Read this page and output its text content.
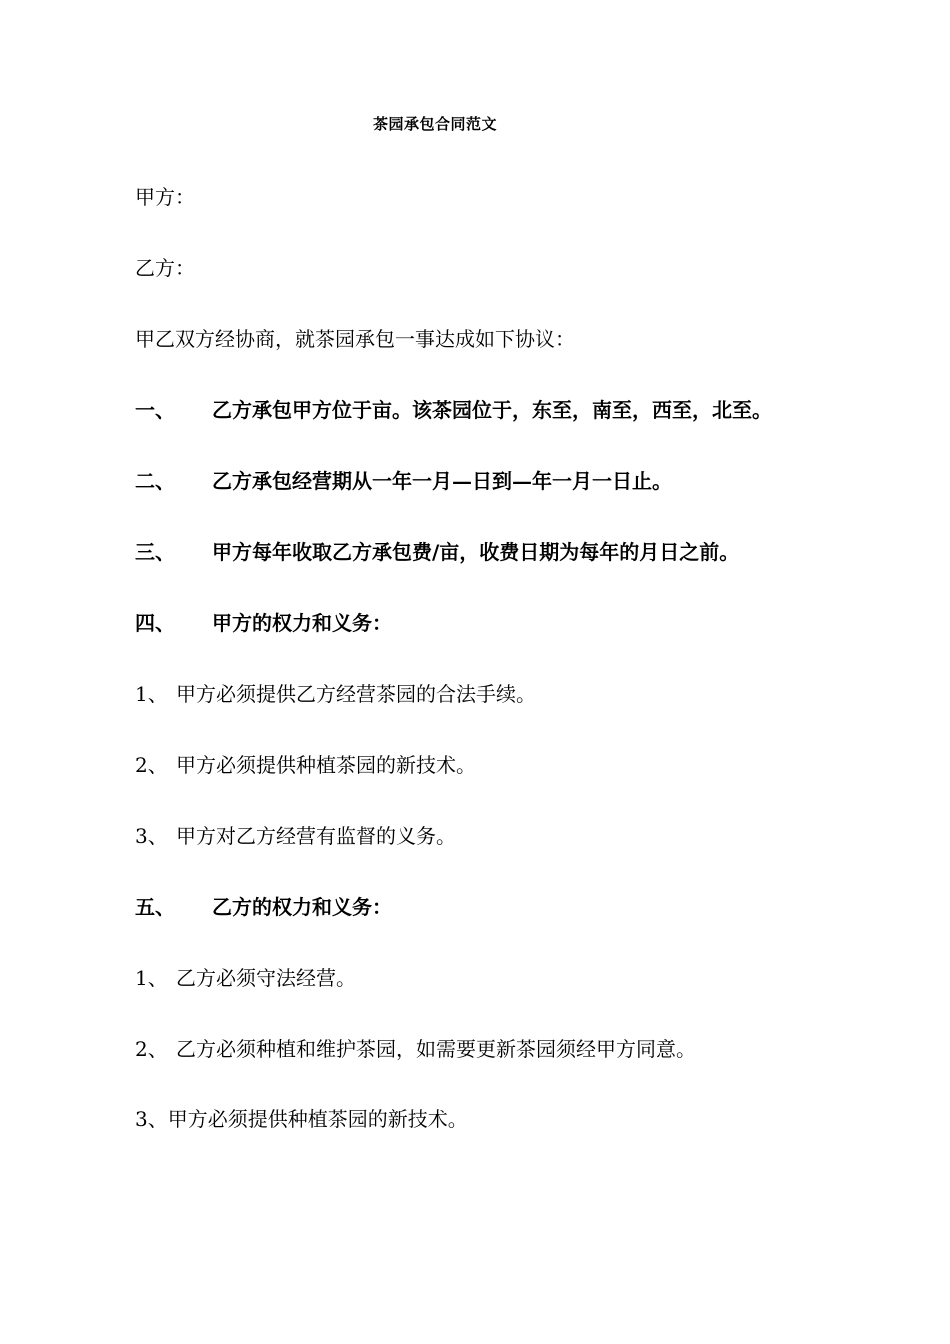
茶园承包合同范文
甲方：
乙方：
甲乙双方经协商，就茶园承包一事达成如下协议：
一、 乙方承包甲方位于亩。该茶园位于，东至，南至，西至，北至。
二、 乙方承包经营期从一年一月—日到—年一月一日止。
三、 甲方每年收取乙方承包费/亩，收费日期为每年的月日之前。
四、 甲方的权力和义务：
1、 甲方必须提供乙方经营茶园的合法手续。
2、 甲方必须提供种植茶园的新技术。
3、 甲方对乙方经营有监督的义务。
五、 乙方的权力和义务：
1、 乙方必须守法经营。
2、 乙方必须种植和维护茶园，如需要更新茶园须经甲方同意。
3、甲方必须提供种植茶园的新技术。
